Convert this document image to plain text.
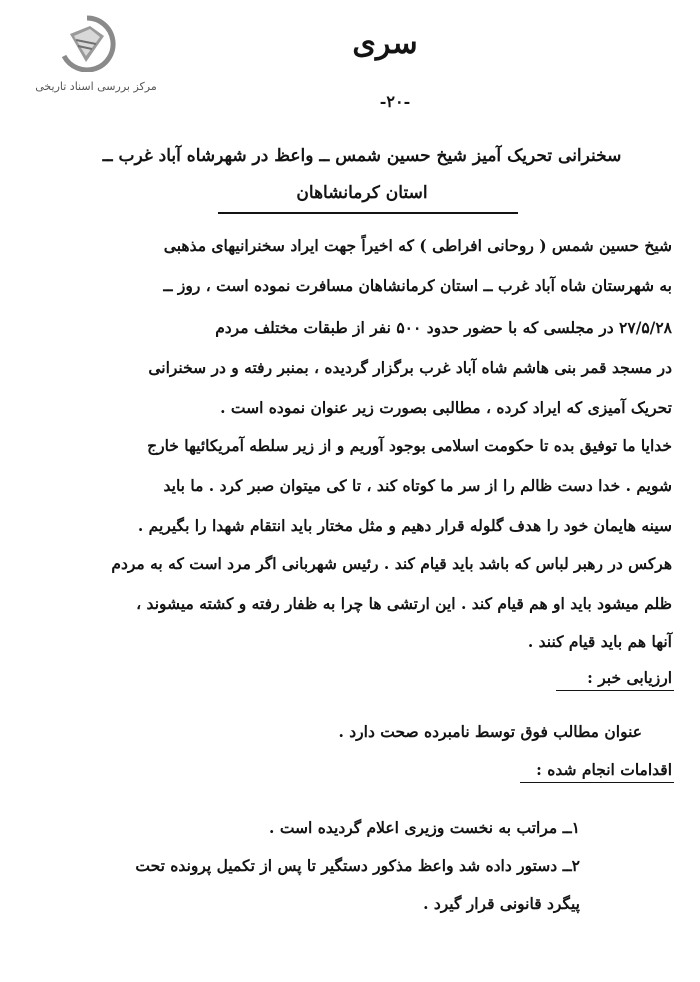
مرکز بررسی اسناد تاریخی
سری
-۲۰-
سخنرانی تحریک آمیز شیخ حسین شمس ــ واعظ در شهرشاه آباد غرب ــ
استان کرمانشاهان
شیخ حسین شمس ( روحانی افراطی ) که اخیراً جهت ایراد سخنرانیهای مذهبی
به شهرستان شاه آباد غرب ــ استان کرمانشاهان مسافرت نموده است ، روز ــ
۲۷/۵/۲۸ در مجلسی که با حضور حدود ۵۰۰ نفر از طبقات مختلف مردم
در مسجد قمر بنی هاشم شاه آباد غرب برگزار گردیده ، بمنبر رفته و در سخنرانی
تحریک آمیزی که ایراد کرده ، مطالبی بصورت زیر عنوان نموده است .
خدایا ما توفیق بده تا حکومت اسلامی بوجود آوریم و از زیر سلطه آمریکائیها خارج
شویم . خدا دست ظالم را از سر ما کوتاه کند ، تا کی میتوان صبر کرد . ما باید
سینه هایمان خود را هدف گلوله قرار دهیم و مثل مختار باید انتقام شهدا را بگیریم .
هرکس در رهبر لباس که باشد باید قیام کند . رئیس شهربانی اگر مرد است که به مردم
ظلم میشود باید او هم قیام کند . این ارتشی ها چرا به ظفار رفته و کشته میشوند ،
آنها هم باید قیام کنند .
ارزیابی خبر :
عنوان مطالب فوق توسط نامبرده صحت دارد .
اقدامات انجام شده :
۱ــ مراتب به نخست وزیری اعلام گردیده است .
۲ــ دستور داده شد واعظ مذکور دستگیر تا پس از تکمیل پرونده تحت
پیگرد قانونی قرار گیرد .
